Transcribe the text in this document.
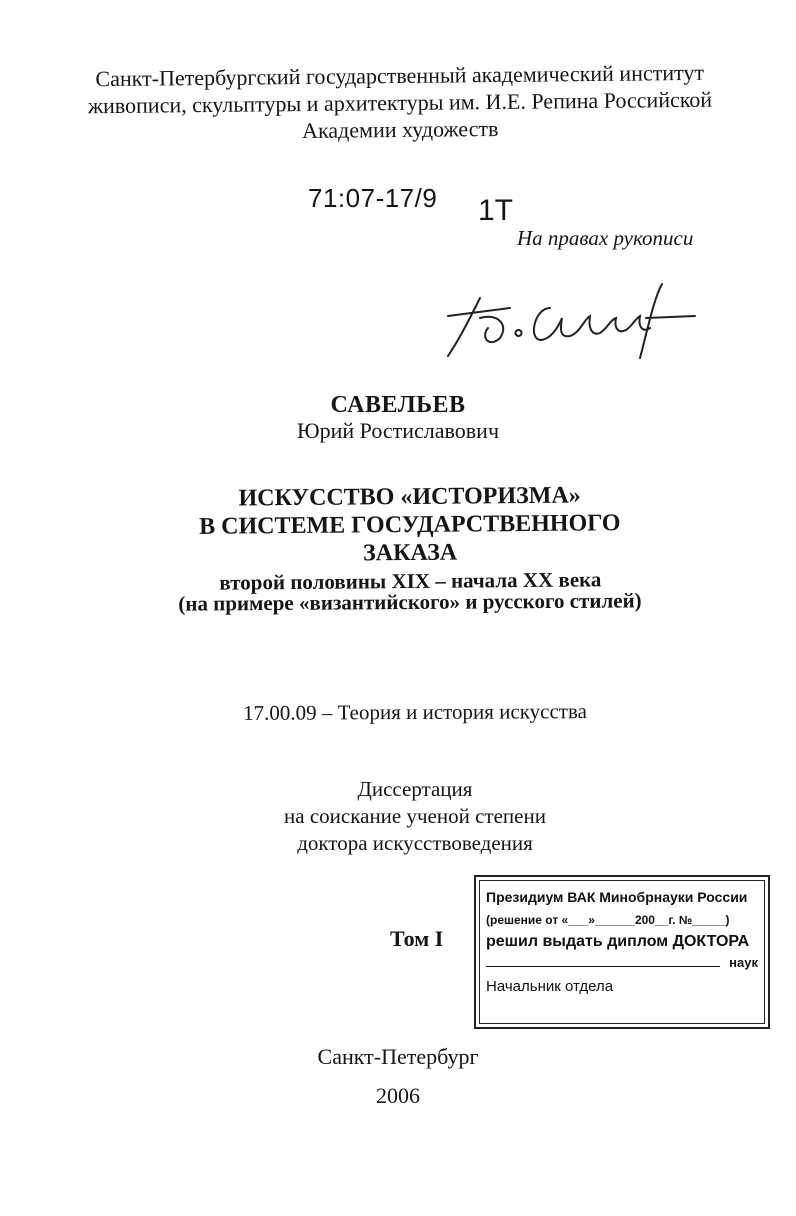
Санкт-Петербургский государственный академический институт
живописи, скульптуры и архитектуры им. И.Е. Репина Российской
Академии художеств
71:07-17/9 1Т
На правах рукописи
САВЕЛЬЕВ
Юрий Ростиславович
ИСКУССТВО «ИСТОРИЗМА»
В СИСТЕМЕ ГОСУДАРСТВЕННОГО ЗАКАЗА
второй половины XIX – начала XX века
(на примере «византийского» и русского стилей)
17.00.09 – Теория и история искусства
Диссертация
на соискание ученой степени
доктора искусствоведения
Том I
Президиум ВАК Минобрнауки России
(решение от «___»______200__г. №_____)
решил выдать диплом ДОКТОРА
наук
Начальник отдела
Санкт-Петербург
2006
